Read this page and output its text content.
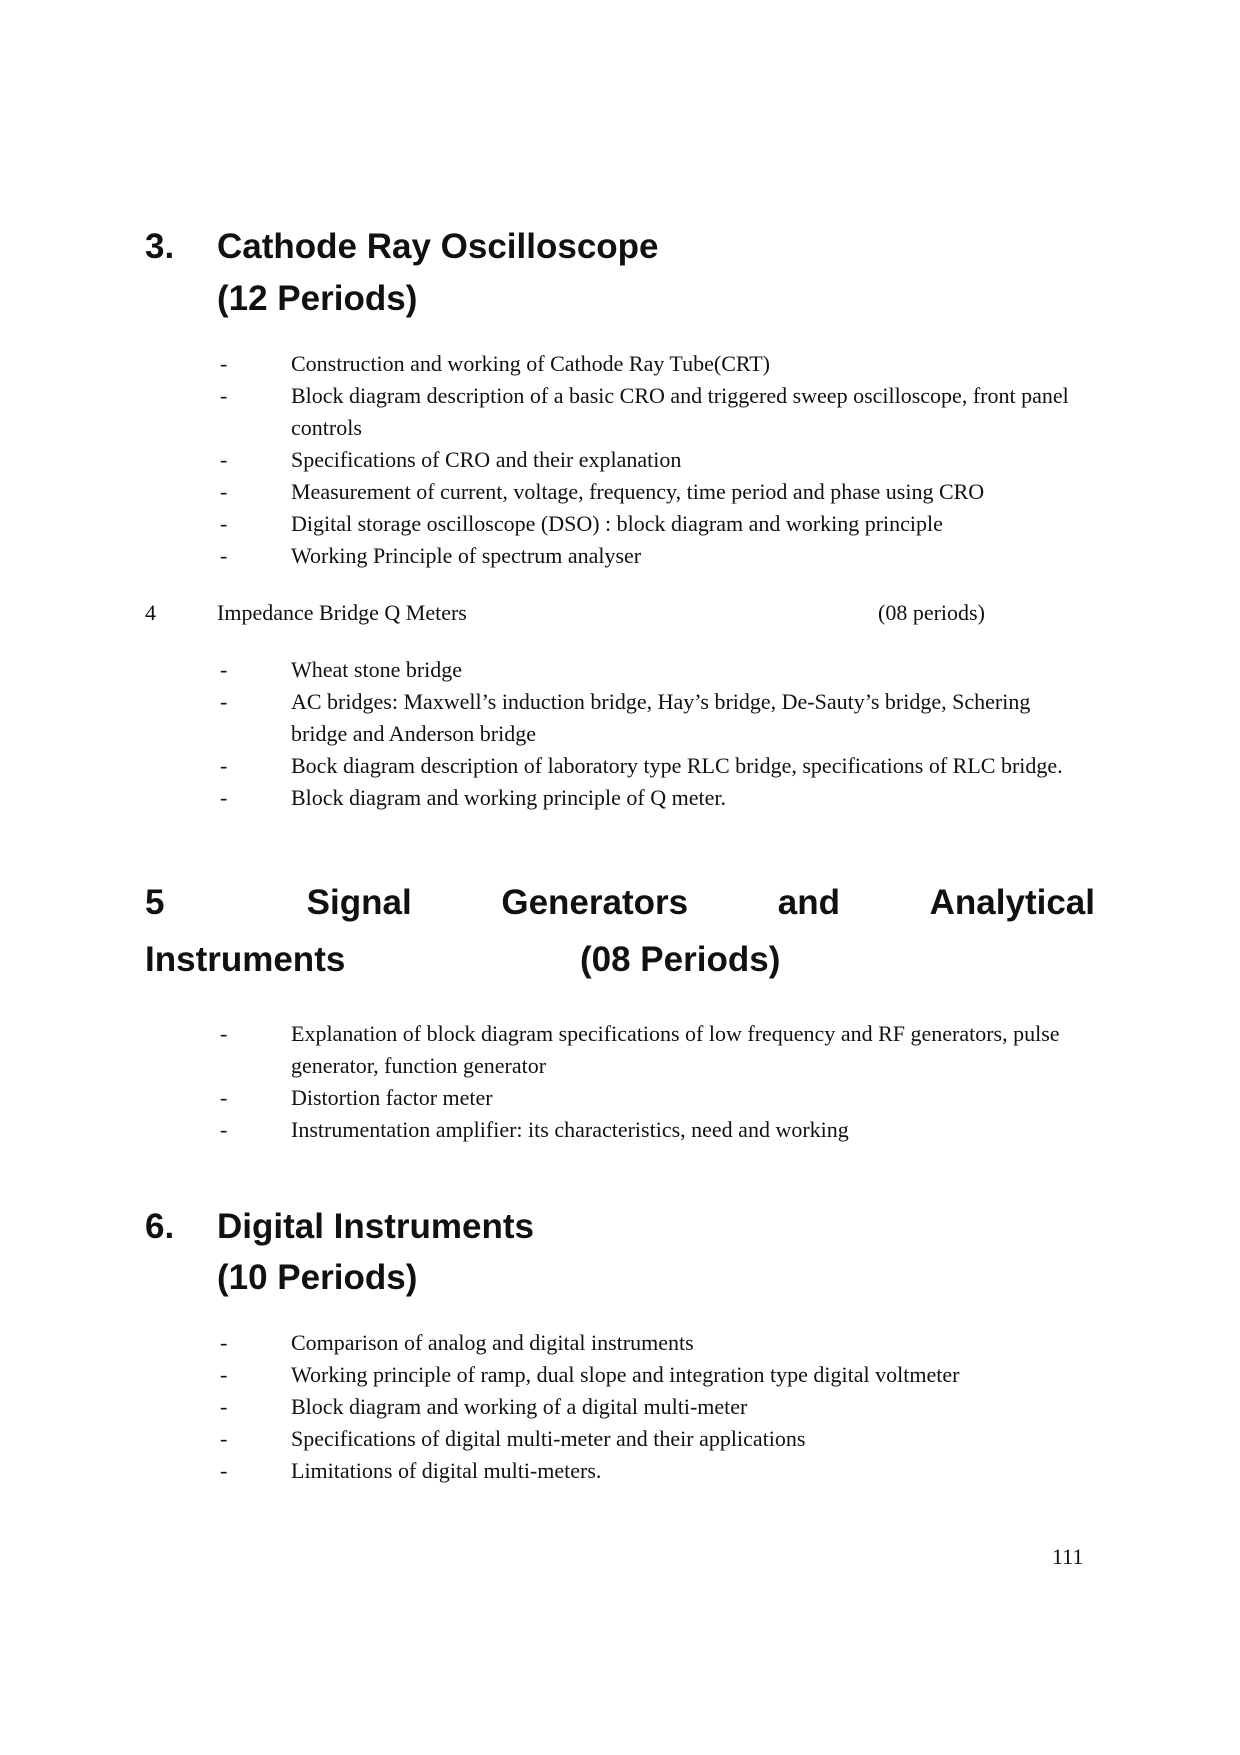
3. Cathode Ray Oscilloscope
(12 Periods)
-	Construction and working of Cathode Ray Tube(CRT)
-	Block diagram description of a basic CRO and triggered sweep oscilloscope, front panel controls
-	Specifications of CRO and their explanation
-	Measurement of current, voltage, frequency, time period and phase using CRO
-	Digital storage oscilloscope (DSO) : block diagram and working principle
-	Working Principle of spectrum analyser
4	Impedance Bridge Q Meters	(08 periods)
-	Wheat stone bridge
-	AC bridges: Maxwell’s induction bridge, Hay’s bridge, De-Sauty’s bridge, Schering bridge and Anderson bridge
-	Bock diagram description of laboratory type RLC bridge, specifications of RLC bridge.
-	Block diagram and working principle of Q meter.
5	Signal	Generators	and	Analytical
Instruments	(08 Periods)
-	Explanation of block diagram specifications of low frequency and RF generators, pulse generator, function generator
-	Distortion factor meter
-	Instrumentation amplifier: its characteristics, need and working
6. Digital Instruments
(10 Periods)
-	Comparison of analog and digital instruments
-	Working principle of ramp, dual slope and integration type digital voltmeter
-	Block diagram and working of a digital multi-meter
-	Specifications of digital multi-meter and their applications
-	Limitations of digital multi-meters.
111
